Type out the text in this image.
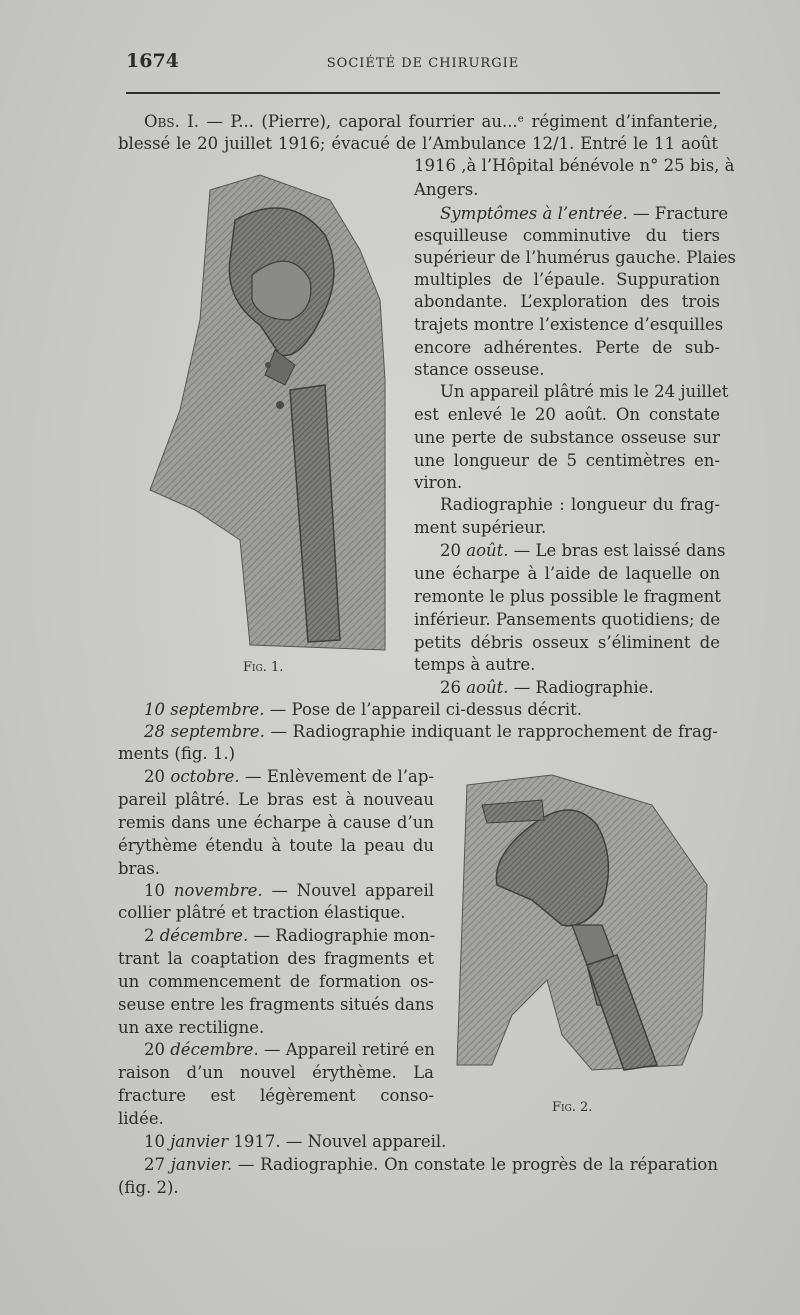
1674	SOCIÉTÉ DE CHIRURGIE
Obs. I. — P... (Pierre), caporal fourrier au...ᵉ régiment d’infanterie,
blessé le 20 juillet 1916; évacué de l’Ambulance 12/1. Entré le 11 août
Fig. 1.
1916 ,à l’Hôpital bénévole n° 25 bis, à
Angers.
Symptômes à l’entrée. — Fracture
esquilleuse comminutive du tiers
supérieur de l’humérus gauche. Plaies
multiples de l’épaule. Suppuration
abondante. L’exploration des trois
trajets montre l’existence d’esquilles
encore adhérentes. Perte de sub-
stance osseuse.
Un appareil plâtré mis le 24 juillet
est enlevé le 20 août. On constate
une perte de substance osseuse sur
une longueur de 5 centimètres en-
viron.
Radiographie : longueur du frag-
ment supérieur.
20 août. — Le bras est laissé dans
une écharpe à l’aide de laquelle on
remonte le plus possible le fragment
inférieur. Pansements quotidiens; de
petits débris osseux s’éliminent de
temps à autre.
26 août. — Radiographie.
10 septembre. — Pose de l’appareil ci-dessus décrit.
28 septembre. — Radiographie indiquant le rapprochement de frag-
ments (fig. 1.)
20 octobre. — Enlèvement de l’ap-
pareil plâtré. Le bras est à nouveau
remis dans une écharpe à cause d’un
érythème étendu à toute la peau du
bras.
10 novembre. — Nouvel appareil
collier plâtré et traction élastique.
2 décembre. — Radiographie mon-
trant la coaptation des fragments et
un commencement de formation os-
seuse entre les fragments situés dans
un axe rectiligne.
20 décembre. — Appareil retiré en
raison d’un nouvel érythème. La
fracture est légèrement conso-
lidée.
Fig. 2.
10 janvier 1917. — Nouvel appareil.
27 janvier. — Radiographie. On constate le progrès de la réparation
(fig. 2).
